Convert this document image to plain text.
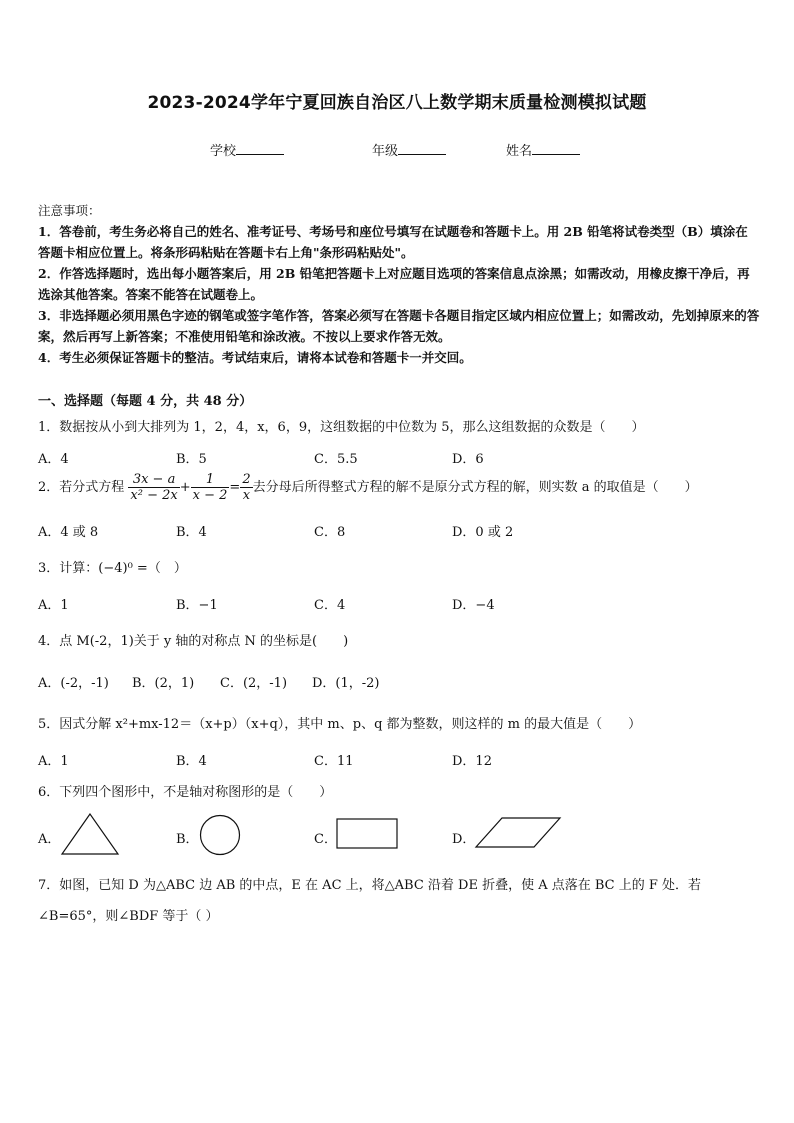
2023-2024学年宁夏回族自治区八上数学期末质量检测模拟试题
学校	年级	姓名
注意事项：
1．答卷前，考生务必将自己的姓名、准考证号、考场号和座位号填写在试题卷和答题卡上。用 2B 铅笔将试卷类型（B）填涂在答题卡相应位置上。将条形码粘贴在答题卡右上角"条形码粘贴处"。
2．作答选择题时，选出每小题答案后，用 2B 铅笔把答题卡上对应题目选项的答案信息点涂黑；如需改动，用橡皮擦干净后，再选涂其他答案。答案不能答在试题卷上。
3．非选择题必须用黑色字迹的钢笔或签字笔作答，答案必须写在答题卡各题目指定区域内相应位置上；如需改动，先划掉原来的答案，然后再写上新答案；不准使用铅笔和涂改液。不按以上要求作答无效。
4．考生必须保证答题卡的整洁。考试结束后，请将本试卷和答题卡一并交回。
一、选择题（每题 4 分，共 48 分）
1．数据按从小到大排列为 1，2，4，x，6，9，这组数据的中位数为 5，那么这组数据的众数是（　　）
A．4	B．5	C．5.5	D．6
2．若分式方程 $\frac{3x - a}{\text{x² − 2x}} + \frac{1}{x - 2} = \frac{2}{x}$ 去分母后所得整式方程的解不是原分式方程的解，则实数 a 的取值是（　　）
A．4 或 8	B．4	C．8	D．0 或 2
3．计算：(−4)⁰ =（　）
A．1	B．−1	C．4	D．−4
4．点 M(-2，1)关于 y 轴的对称点 N 的坐标是(　　)
A．(-2，-1) B．(2，1) C．(2，-1) D．(1，-2)
5．因式分解 x²+mx-12＝（x+p）（x+q），其中 m、p、q 都为整数，则这样的 m 的最大值是（　　）
A．1	B．4	C．11	D．12
6．下列四个图形中，不是轴对称图形的是（　　）
A．	B．	C．	D．
7．如图，已知 D 为△ABC 边 AB 的中点，E 在 AC 上，将△ABC 沿着 DE 折叠，使 A 点落在 BC 上的 F 处．若
∠B=65°，则∠BDF 等于（ ）
